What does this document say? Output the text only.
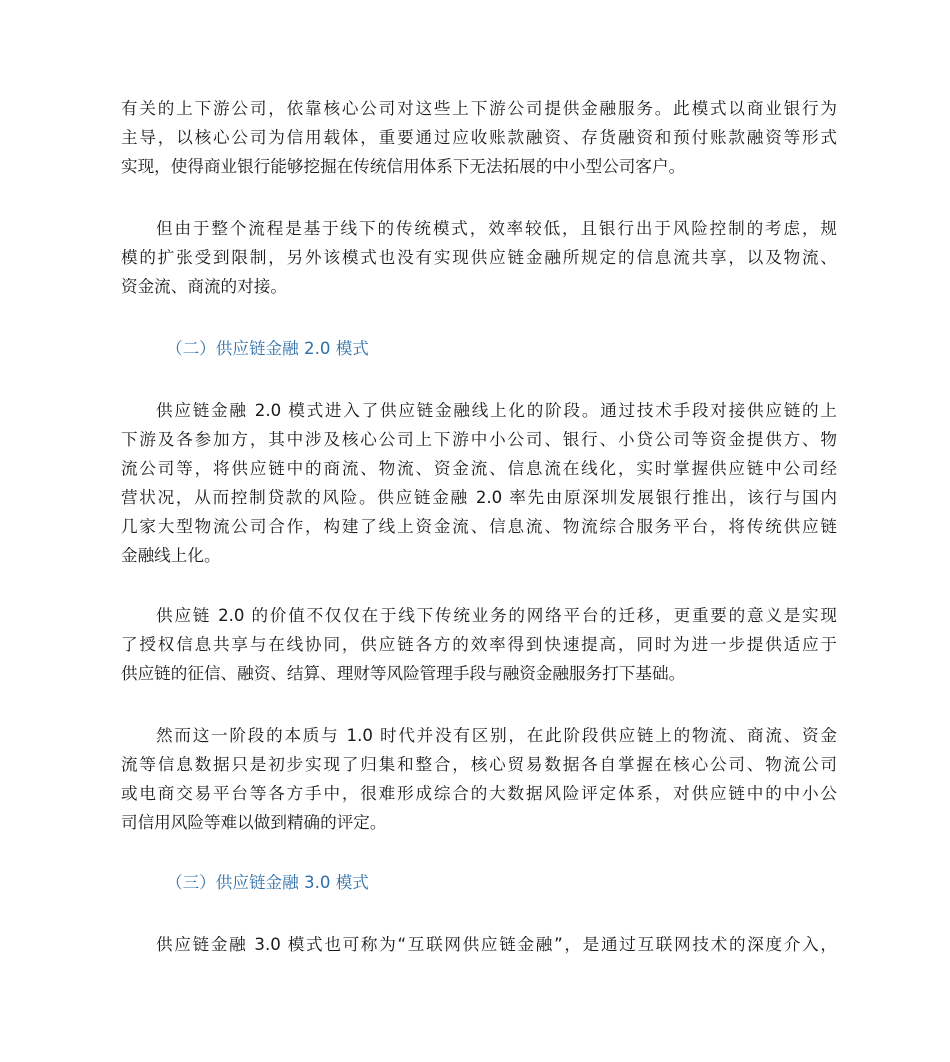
有关的上下游公司，依靠核心公司对这些上下游公司提供金融服务。此模式以商业银行为
主导，以核心公司为信用载体，重要通过应收账款融资、存货融资和预付账款融资等形式
实现，使得商业银行能够挖掘在传统信用体系下无法拓展的中小型公司客户。

但由于整个流程是基于线下的传统模式，效率较低，且银行出于风险控制的考虑，规
模的扩张受到限制，另外该模式也没有实现供应链金融所规定的信息流共享，以及物流、
资金流、商流的对接。

（二）供应链金融 2.0 模式

供应链金融 2.0 模式进入了供应链金融线上化的阶段。通过技术手段对接供应链的上
下游及各参加方，其中涉及核心公司上下游中小公司、银行、小贷公司等资金提供方、物
流公司等，将供应链中的商流、物流、资金流、信息流在线化，实时掌握供应链中公司经
营状况，从而控制贷款的风险。供应链金融 2.0 率先由原深圳发展银行推出，该行与国内
几家大型物流公司合作，构建了线上资金流、信息流、物流综合服务平台，将传统供应链
金融线上化。

供应链 2.0 的价值不仅仅在于线下传统业务的网络平台的迁移，更重要的意义是实现
了授权信息共享与在线协同，供应链各方的效率得到快速提高，同时为进一步提供适应于
供应链的征信、融资、结算、理财等风险管理手段与融资金融服务打下基础。

然而这一阶段的本质与 1.0 时代并没有区别，在此阶段供应链上的物流、商流、资金
流等信息数据只是初步实现了归集和整合，核心贸易数据各自掌握在核心公司、物流公司
或电商交易平台等各方手中，很难形成综合的大数据风险评定体系，对供应链中的中小公
司信用风险等难以做到精确的评定。

（三）供应链金融 3.0 模式

供应链金融 3.0 模式也可称为“互联网供应链金融”，是通过互联网技术的深度介入，
